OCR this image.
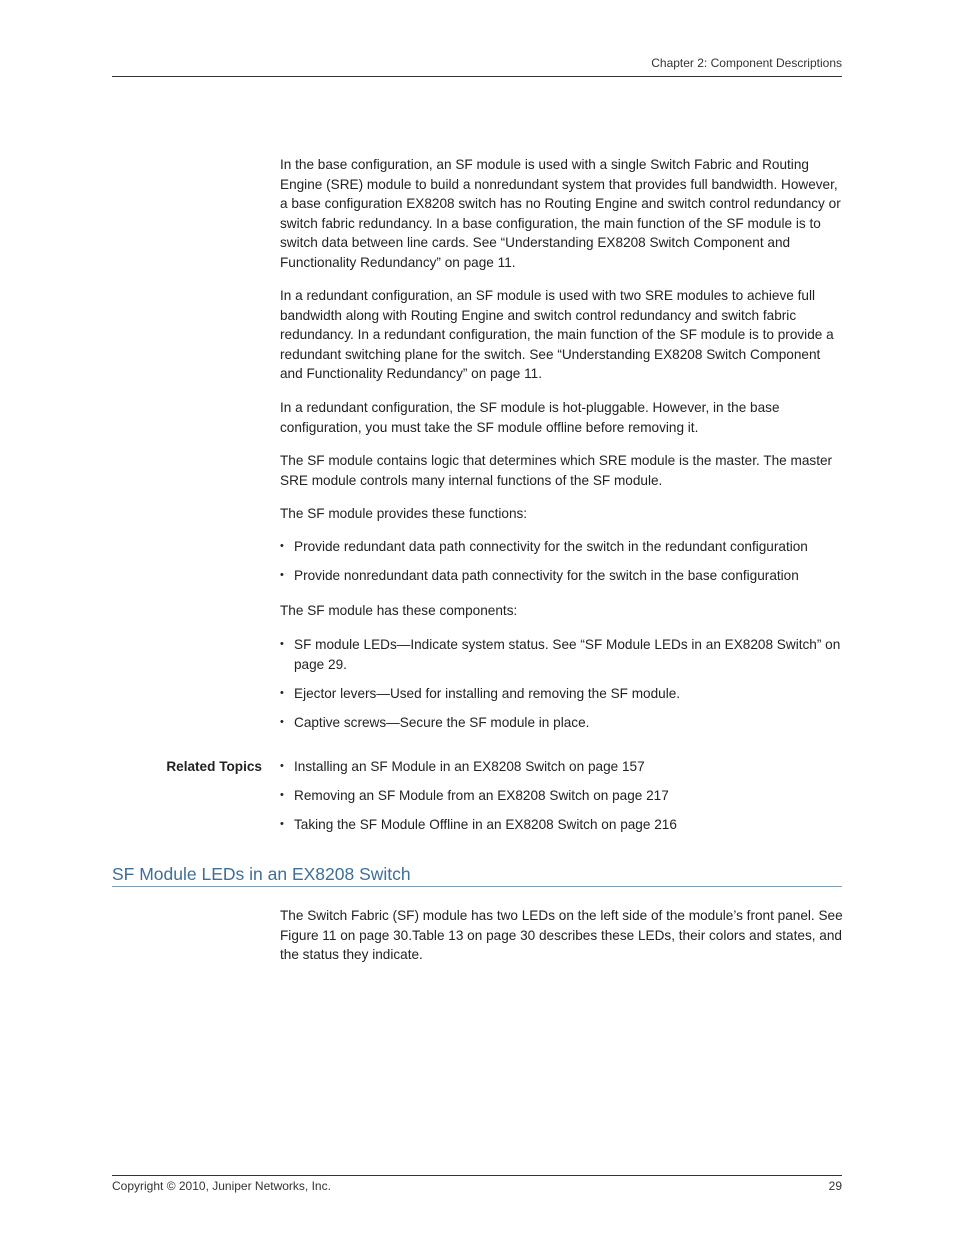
Chapter 2: Component Descriptions

In the base configuration, an SF module is used with a single Switch Fabric and Routing Engine (SRE) module to build a nonredundant system that provides full bandwidth. However, a base configuration EX8208 switch has no Routing Engine and switch control redundancy or switch fabric redundancy. In a base configuration, the main function of the SF module is to switch data between line cards. See “Understanding EX8208 Switch Component and Functionality Redundancy” on page 11.

In a redundant configuration, an SF module is used with two SRE modules to achieve full bandwidth along with Routing Engine and switch control redundancy and switch fabric redundancy. In a redundant configuration, the main function of the SF module is to provide a redundant switching plane for the switch. See “Understanding EX8208 Switch Component and Functionality Redundancy” on page 11.

In a redundant configuration, the SF module is hot-pluggable. However, in the base configuration, you must take the SF module offline before removing it.

The SF module contains logic that determines which SRE module is the master. The master SRE module controls many internal functions of the SF module.

The SF module provides these functions:

• Provide redundant data path connectivity for the switch in the redundant configuration
• Provide nonredundant data path connectivity for the switch in the base configuration

The SF module has these components:

• SF module LEDs—Indicate system status. See “SF Module LEDs in an EX8208 Switch” on page 29.
• Ejector levers—Used for installing and removing the SF module.
• Captive screws—Secure the SF module in place.
Related Topics • Installing an SF Module in an EX8208 Switch on page 157
• Removing an SF Module from an EX8208 Switch on page 217
• Taking the SF Module Offline in an EX8208 Switch on page 216
SF Module LEDs in an EX8208 Switch

The Switch Fabric (SF) module has two LEDs on the left side of the module’s front panel. See Figure 11 on page 30.Table 13 on page 30 describes these LEDs, their colors and states, and the status they indicate.

Copyright © 2010, Juniper Networks, Inc.	29
